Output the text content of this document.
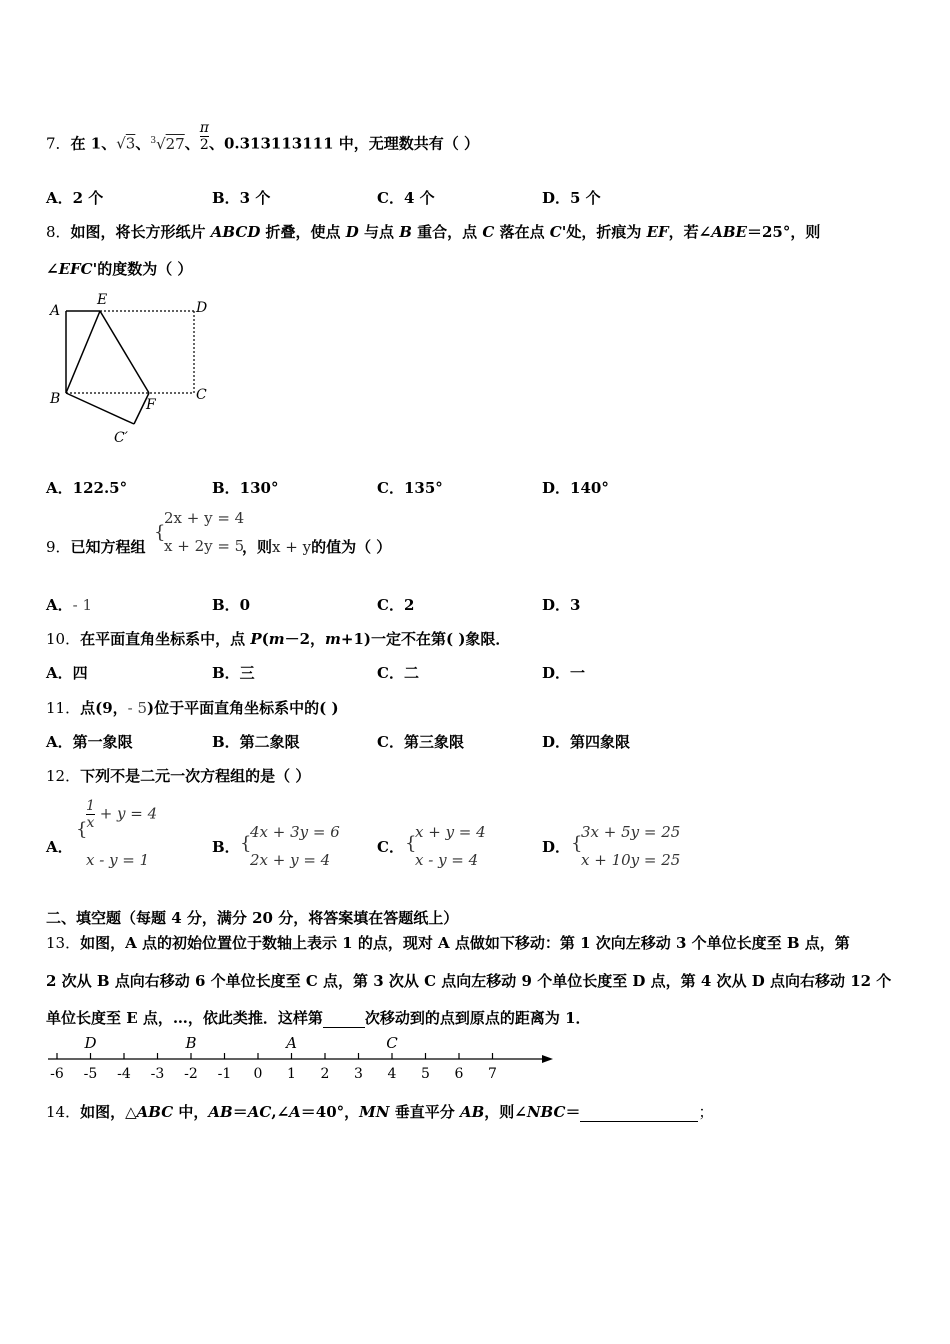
7．在 1、√3、$^3$√27、 $\frac{\pi}{2}$ 、0.313113111 中，无理数共有（ ）
A．2 个	B．3 个	C．4 个	D．5 个
8．如图，将长方形纸片 ABCD 折叠，使点 D 与点 B 重合，点 C 落在点 C'处，折痕为 EF，若∠ABE＝25°，则
∠EFC'的度数为（ ）
A
E	D
B	F
C
C′
A．122.5°	B．130°	C．135°	D．140°
9．已知方程组
{
2x + y = 4
x + 2y = 5
，则x + y的值为（ ）
A．- 1	B．0	C．2	D．3
10．在平面直角坐标系中，点 P(m－2，m+1)一定不在第( )象限．
A．四	B．三	C．二	D．一
11．点(9，- 5)位于平面直角坐标系中的( )
A．第一象限	B．第二象限	C．第三象限	D．第四象限
12．下列不是二元一次方程组的是（ ）
A．
{
$\frac{1}{x} + y = 4$
x - y = 1
B． {
4x + 3y = 6
2x + y = 4
C． {
x + y = 4
x - y = 4
D． {
3x + 5y = 25
x + 10y = 25
二、填空题（每题 4 分，满分 20 分，将答案填在答题纸上）
13．如图，A 点的初始位置位于数轴上表示 1 的点，现对 A 点做如下移动：第 1 次向左移动 3 个单位长度至 B 点，第
2 次从 B 点向右移动 6 个单位长度至 C 点，第 3 次从 C 点向左移动 9 个单位长度至 D 点，第 4 次从 D 点向右移动 12 个
单位长度至 E 点，…，依此类推．这样第	次移动到的点到原点的距离为 1．
-6 -5 -4 -3 -2 -1 0 1 2 3 4 5 6 7
D	B	A	C
14．如图，△ABC 中，AB＝AC,∠A＝40°，MN 垂直平分 AB，则∠NBC＝	；
